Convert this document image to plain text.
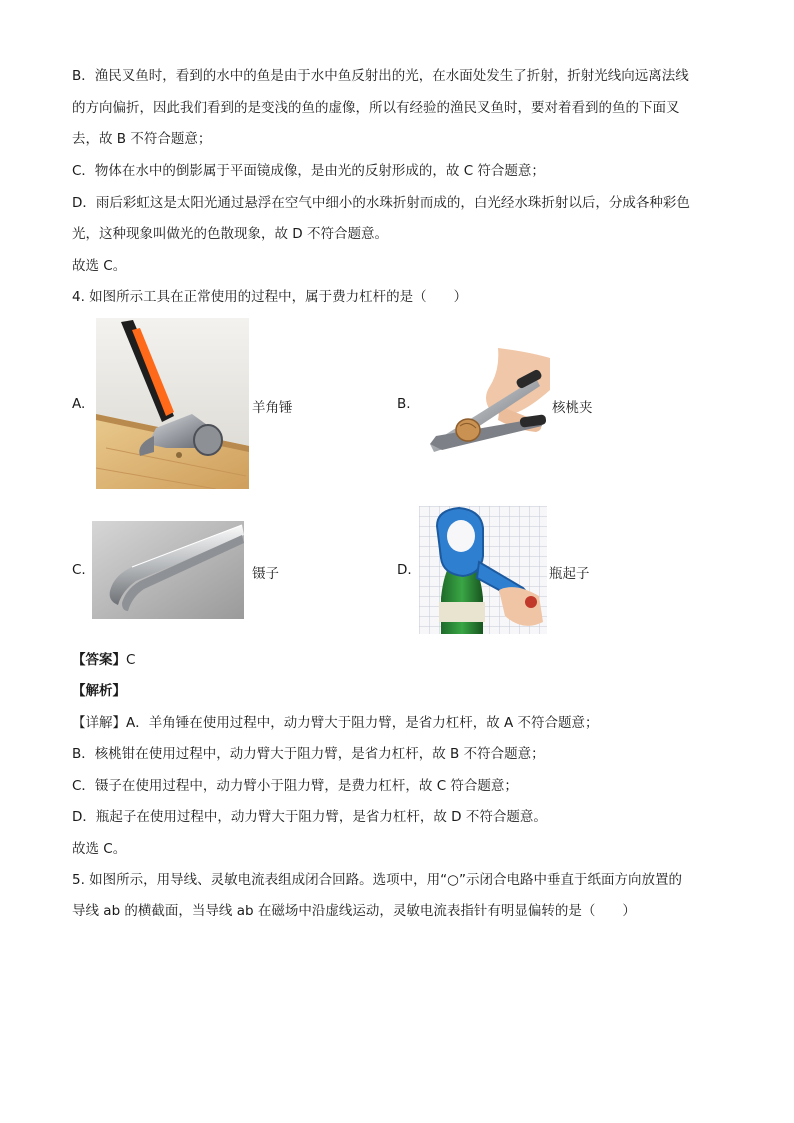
B．渔民叉鱼时，看到的水中的鱼是由于水中鱼反射出的光，在水面处发生了折射，折射光线向远离法线
的方向偏折，因此我们看到的是变浅的鱼的虚像，所以有经验的渔民叉鱼时，要对着看到的鱼的下面叉
去，故 B 不符合题意；
C．物体在水中的倒影属于平面镜成像，是由光的反射形成的，故 C 符合题意；
D．雨后彩虹这是太阳光通过悬浮在空气中细小的水珠折射而成的，白光经水珠折射以后，分成各种彩色
光，这种现象叫做光的色散现象，故 D 不符合题意。
故选 C。
4. 如图所示工具在正常使用的过程中，属于费力杠杆的是（　　）
A.	羊角锤	B.	核桃夹
C.	镊子	D.	瓶起子
【答案】C
【解析】
【详解】A．羊角锤在使用过程中，动力臂大于阻力臂，是省力杠杆，故 A 不符合题意；
B．核桃钳在使用过程中，动力臂大于阻力臂，是省力杠杆，故 B 不符合题意；
C．镊子在使用过程中，动力臂小于阻力臂，是费力杠杆，故 C 符合题意；
D．瓶起子在使用过程中，动力臂大于阻力臂，是省力杠杆，故 D 不符合题意。
故选 C。
5. 如图所示，用导线、灵敏电流表组成闭合回路。选项中，用“○”示闭合电路中垂直于纸面方向放置的
导线 ab 的横截面，当导线 ab 在磁场中沿虚线运动，灵敏电流表指针有明显偏转的是（　　）
